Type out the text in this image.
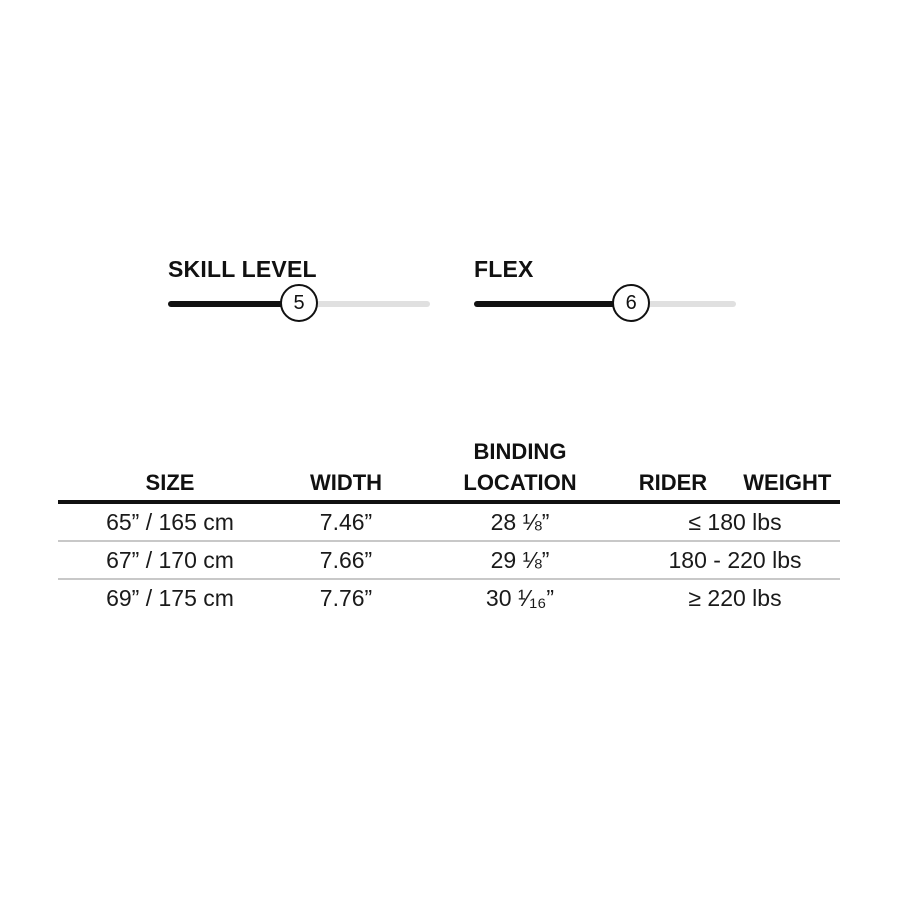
SKILL LEVEL
5
FLEX
6
SIZE	WIDTH	BINDING LOCATION	RIDER WEIGHT
65” / 165 cm	7.46”	28 ⅛”	≤ 180 lbs
67” / 170 cm	7.66”	29 ⅛”	180 - 220 lbs
69” / 175 cm	7.76”	30 ¹⁄₁₆”	≥ 220 lbs
